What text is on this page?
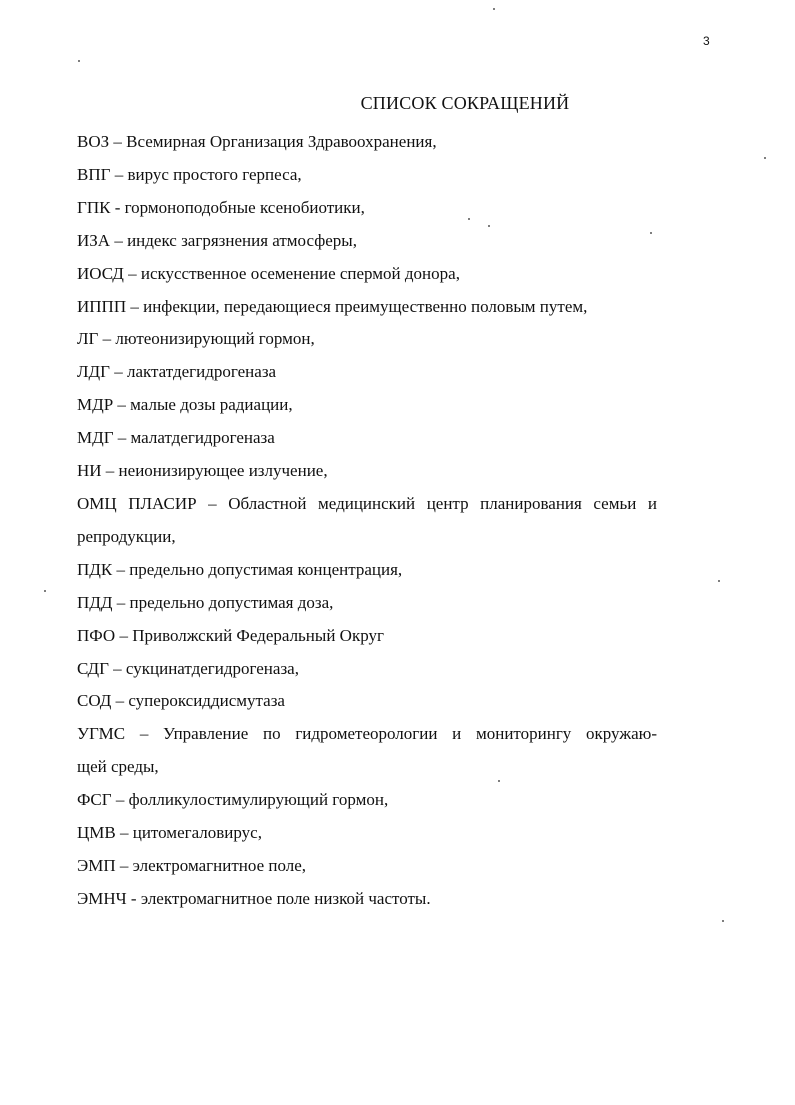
3
СПИСОК СОКРАЩЕНИЙ
ВОЗ – Всемирная Организация Здравоохранения,
ВПГ – вирус простого герпеса,
ГПК - гормоноподобные ксенобиотики,
ИЗА – индекс загрязнения атмосферы,
ИОСД – искусственное осеменение спермой донора,
ИППП – инфекции, передающиеся преимущественно половым путем,
ЛГ – лютеонизирующий гормон,
ЛДГ – лактатдегидрогеназа
МДР – малые дозы радиации,
МДГ – малатдегидрогеназа
НИ – неионизирующее излучение,
ОМЦ ПЛАСИР – Областной медицинский центр планирования семьи и
репродукции,
ПДК – предельно допустимая концентрация,
ПДД – предельно допустимая доза,
ПФО – Приволжский Федеральный Округ
СДГ – сукцинатдегидрогеназа,
СОД – супероксиддисмутаза
УГМС – Управление по гидрометеорологии и мониторингу окружаю-
щей среды,
ФСГ – фолликулостимулирующий гормон,
ЦМВ – цитомегаловирус,
ЭМП – электромагнитное поле,
ЭМНЧ - электромагнитное поле низкой частоты.
